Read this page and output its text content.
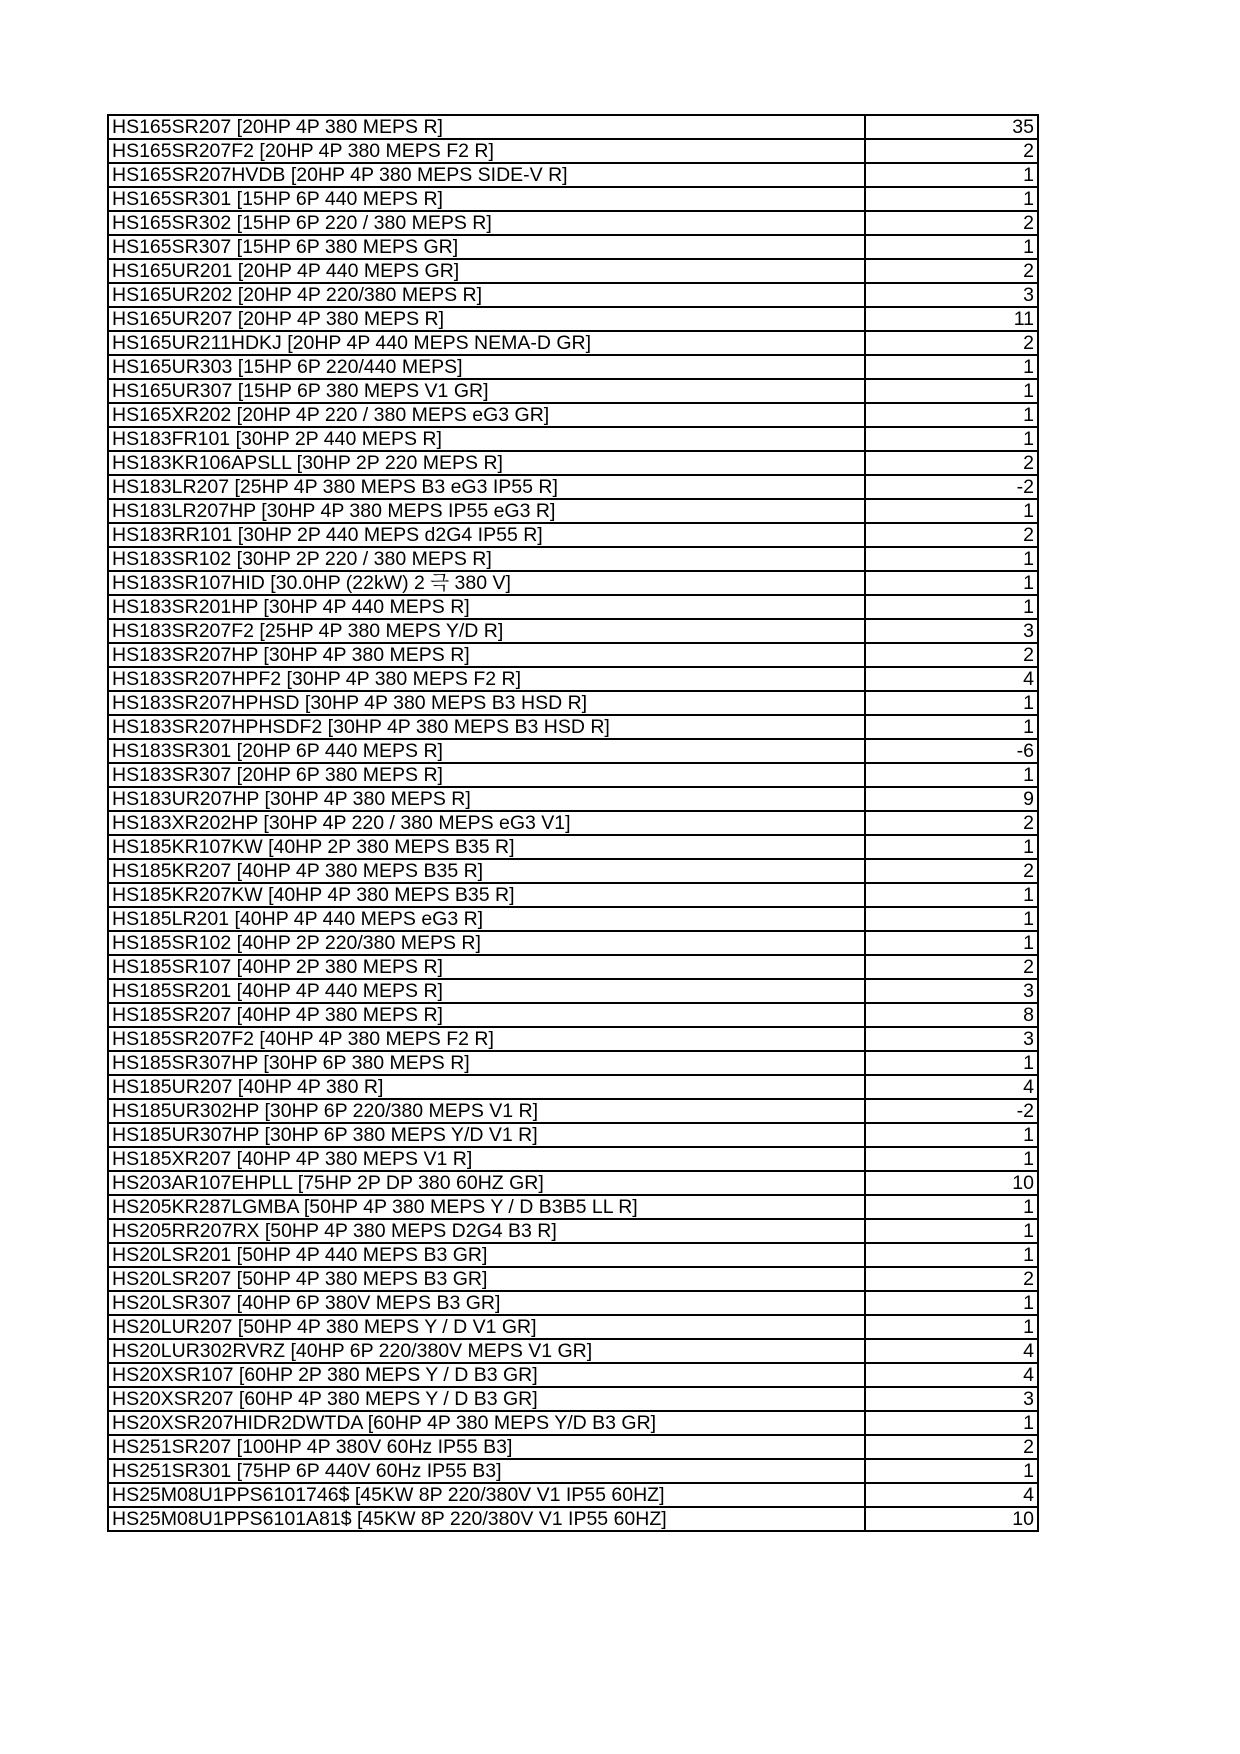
HS165SR207 [20HP 4P 380 MEPS R]	35
HS165SR207F2 [20HP 4P 380 MEPS F2 R]	2
HS165SR207HVDB [20HP 4P 380 MEPS SIDE-V R]	1
HS165SR301 [15HP 6P 440 MEPS R]	1
HS165SR302 [15HP 6P 220 / 380 MEPS R]	2
HS165SR307 [15HP 6P 380 MEPS GR]	1
HS165UR201 [20HP 4P 440 MEPS GR]	2
HS165UR202 [20HP 4P 220/380 MEPS R]	3
HS165UR207 [20HP 4P 380 MEPS R]	11
HS165UR211HDKJ [20HP 4P 440 MEPS NEMA-D GR]	2
HS165UR303 [15HP 6P 220/440 MEPS]	1
HS165UR307 [15HP 6P 380 MEPS V1 GR]	1
HS165XR202 [20HP 4P 220 / 380 MEPS eG3 GR]	1
HS183FR101 [30HP 2P 440 MEPS R]	1
HS183KR106APSLL [30HP 2P 220 MEPS R]	2
HS183LR207 [25HP 4P 380 MEPS B3 eG3 IP55 R]	-2
HS183LR207HP [30HP 4P 380 MEPS IP55 eG3 R]	1
HS183RR101 [30HP 2P 440 MEPS d2G4 IP55 R]	2
HS183SR102 [30HP 2P 220 / 380 MEPS R]	1
HS183SR107HID [30.0HP (22kW) 2 극 380 V]	1
HS183SR201HP [30HP 4P 440 MEPS R]	1
HS183SR207F2 [25HP 4P 380 MEPS Y/D R]	3
HS183SR207HP [30HP 4P 380 MEPS R]	2
HS183SR207HPF2 [30HP 4P 380 MEPS F2 R]	4
HS183SR207HPHSD [30HP 4P 380 MEPS B3 HSD R]	1
HS183SR207HPHSDF2 [30HP 4P 380 MEPS B3 HSD R]	1
HS183SR301 [20HP 6P 440 MEPS R]	-6
HS183SR307 [20HP 6P 380 MEPS R]	1
HS183UR207HP [30HP 4P 380 MEPS R]	9
HS183XR202HP [30HP 4P 220 / 380 MEPS eG3 V1]	2
HS185KR107KW [40HP 2P 380 MEPS B35 R]	1
HS185KR207 [40HP 4P 380 MEPS B35 R]	2
HS185KR207KW [40HP 4P 380 MEPS B35 R]	1
HS185LR201 [40HP 4P 440 MEPS eG3 R]	1
HS185SR102 [40HP 2P 220/380 MEPS R]	1
HS185SR107 [40HP 2P 380 MEPS R]	2
HS185SR201 [40HP 4P 440 MEPS R]	3
HS185SR207 [40HP 4P 380 MEPS R]	8
HS185SR207F2 [40HP 4P 380 MEPS F2 R]	3
HS185SR307HP [30HP 6P 380 MEPS R]	1
HS185UR207 [40HP 4P 380 R]	4
HS185UR302HP [30HP 6P 220/380 MEPS V1 R]	-2
HS185UR307HP [30HP 6P 380 MEPS Y/D V1 R]	1
HS185XR207 [40HP 4P 380 MEPS V1 R]	1
HS203AR107EHPLL [75HP 2P DP 380 60HZ GR]	10
HS205KR287LGMBA [50HP 4P 380 MEPS Y / D B3B5 LL R]	1
HS205RR207RX [50HP 4P 380 MEPS D2G4 B3 R]	1
HS20LSR201 [50HP 4P 440 MEPS B3 GR]	1
HS20LSR207 [50HP 4P 380 MEPS B3 GR]	2
HS20LSR307 [40HP 6P 380V MEPS B3 GR]	1
HS20LUR207 [50HP 4P 380 MEPS Y / D V1 GR]	1
HS20LUR302RVRZ [40HP 6P 220/380V MEPS V1 GR]	4
HS20XSR107 [60HP 2P 380 MEPS Y / D B3 GR]	4
HS20XSR207 [60HP 4P 380 MEPS Y / D B3 GR]	3
HS20XSR207HIDR2DWTDA [60HP 4P 380 MEPS Y/D B3 GR]	1
HS251SR207 [100HP 4P 380V 60Hz IP55 B3]	2
HS251SR301 [75HP 6P 440V 60Hz IP55 B3]	1
HS25M08U1PPS6101746$ [45KW 8P 220/380V V1 IP55 60HZ]	4
HS25M08U1PPS6101A81$ [45KW 8P 220/380V V1 IP55 60HZ]	10
